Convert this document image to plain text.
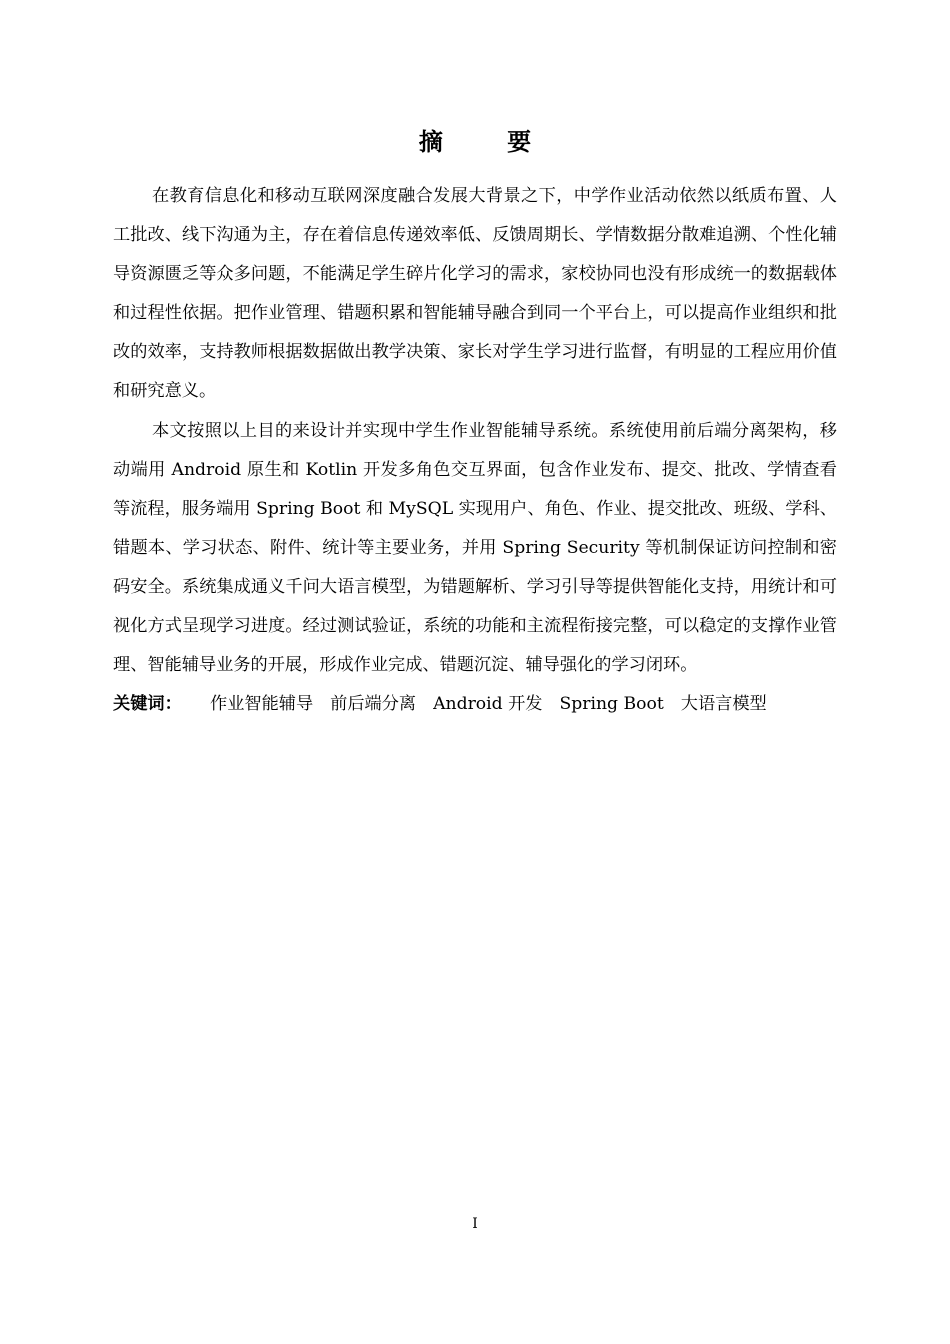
摘 要

在教育信息化和移动互联网深度融合发展大背景之下，中学作业活动依然以纸质布置、人工批改、线下沟通为主，存在着信息传递效率低、反馈周期长、学情数据分散难追溯、个性化辅导资源匮乏等众多问题，不能满足学生碎片化学习的需求，家校协同也没有形成统一的数据载体和过程性依据。把作业管理、错题积累和智能辅导融合到同一个平台上，可以提高作业组织和批改的效率，支持教师根据数据做出教学决策、家长对学生学习进行监督，有明显的工程应用价值和研究意义。

本文按照以上目的来设计并实现中学生作业智能辅导系统。系统使用前后端分离架构，移动端用 Android 原生和 Kotlin 开发多角色交互界面，包含作业发布、提交、批改、学情查看等流程，服务端用 Spring Boot 和 MySQL 实现用户、角色、作业、提交批改、班级、学科、错题本、学习状态、附件、统计等主要业务，并用 Spring Security 等机制保证访问控制和密码安全。系统集成通义千问大语言模型，为错题解析、学习引导等提供智能化支持，用统计和可视化方式呈现学习进度。经过测试验证，系统的功能和主流程衔接完整，可以稳定的支撑作业管理、智能辅导业务的开展，形成作业完成、错题沉淀、辅导强化的学习闭环。

关键词： 作业智能辅导 前后端分离 Android 开发 Spring Boot 大语言模型

I
